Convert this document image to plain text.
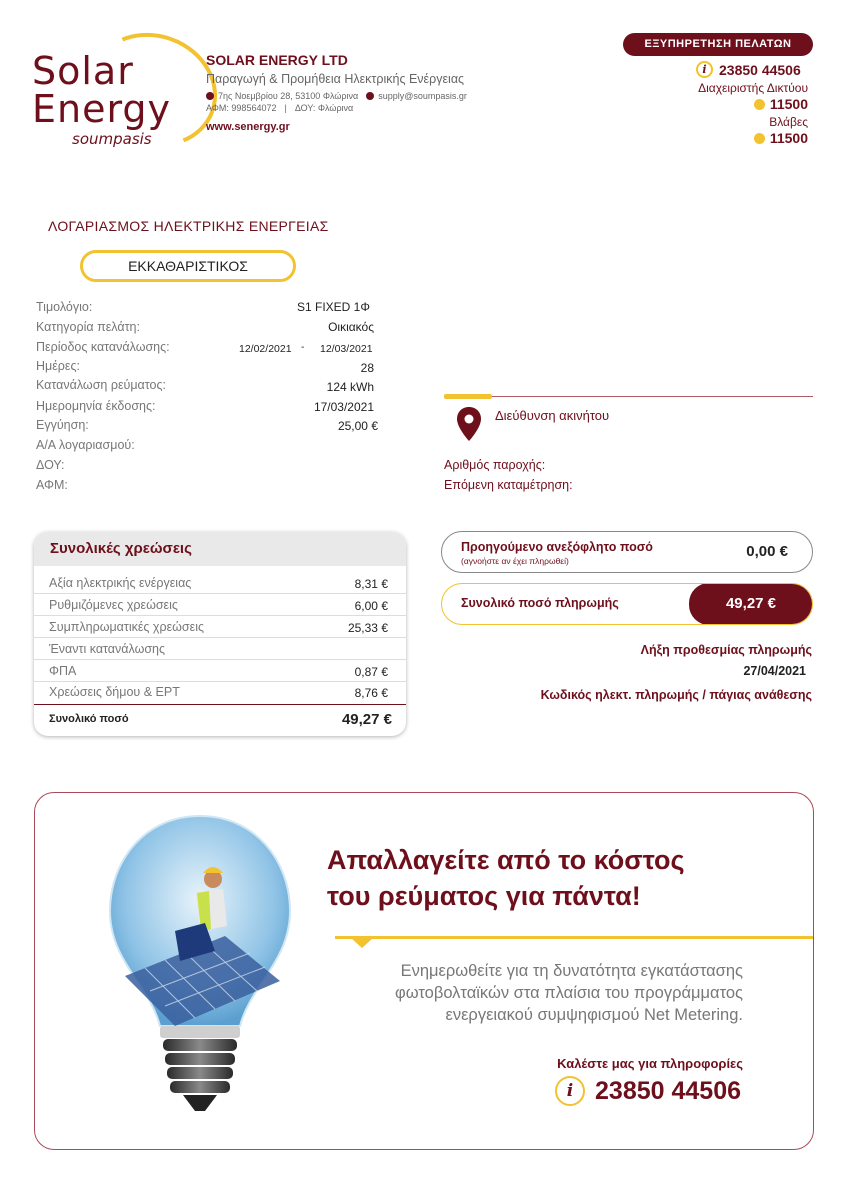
Solar
Energy
soumpasis
SOLAR ENERGY LTD
Παραγωγή & Προμήθεια Ηλεκτρικής Ενέργειας
7ης Νοεμβρίου 28, 53100 Φλώρινα supply@soumpasis.gr
ΑΦΜ: 998564072 | ΔΟΥ: Φλώρινα
www.senergy.gr
ΕΞΥΠΗΡΕΤΗΣΗ ΠΕΛΑΤΩΝ
i 23850 44506
Διαχειριστής Δικτύου
11500
Βλάβες
11500
ΛΟΓΑΡΙΑΣΜΟΣ ΗΛΕΚΤΡΙΚΗΣ ΕΝΕΡΓΕΙΑΣ
ΕΚΚΑΘΑΡΙΣΤΙΚΟΣ
Τιμολόγιο:	S1 FIXED 1Φ
Κατηγορία πελάτη:	Οικιακός
Περίοδος κατανάλωσης:	12/02/2021 - 12/03/2021
Ημέρες:	28
Κατανάλωση ρεύματος:	124 kWh
Ημερομηνία έκδοσης:	17/03/2021
Εγγύηση:	25,00 €
Α/Α λογαριασμού:
ΔΟΥ:
ΑΦΜ:
Διεύθυνση ακινήτου
Αριθμός παροχής:
Επόμενη καταμέτρηση:
Συνολικές χρεώσεις
Αξία ηλεκτρικής ενέργειας	8,31 €
Ρυθμιζόμενες χρεώσεις	6,00 €
Συμπληρωματικές χρεώσεις	25,33 €
Έναντι κατανάλωσης
ΦΠΑ	0,87 €
Χρεώσεις δήμου & ΕΡΤ	8,76 €
Συνολικό ποσό	49,27 €
Προηγούμενο ανεξόφλητο ποσό
(αγνοήστε αν έχει πληρωθεί)
0,00 €
Συνολικό ποσό πληρωμής	49,27 €
Λήξη προθεσμίας πληρωμής
27/04/2021
Κωδικός ηλεκτ. πληρωμής / πάγιας ανάθεσης
Απαλλαγείτε από το κόστος
του ρεύματος για πάντα!
Ενημερωθείτε για τη δυνατότητα εγκατάστασης
φωτοβολταϊκών στα πλαίσια του προγράμματος
ενεργειακού συμψηφισμού Net Metering.
Καλέστε μας για πληροφορίες
i 23850 44506
